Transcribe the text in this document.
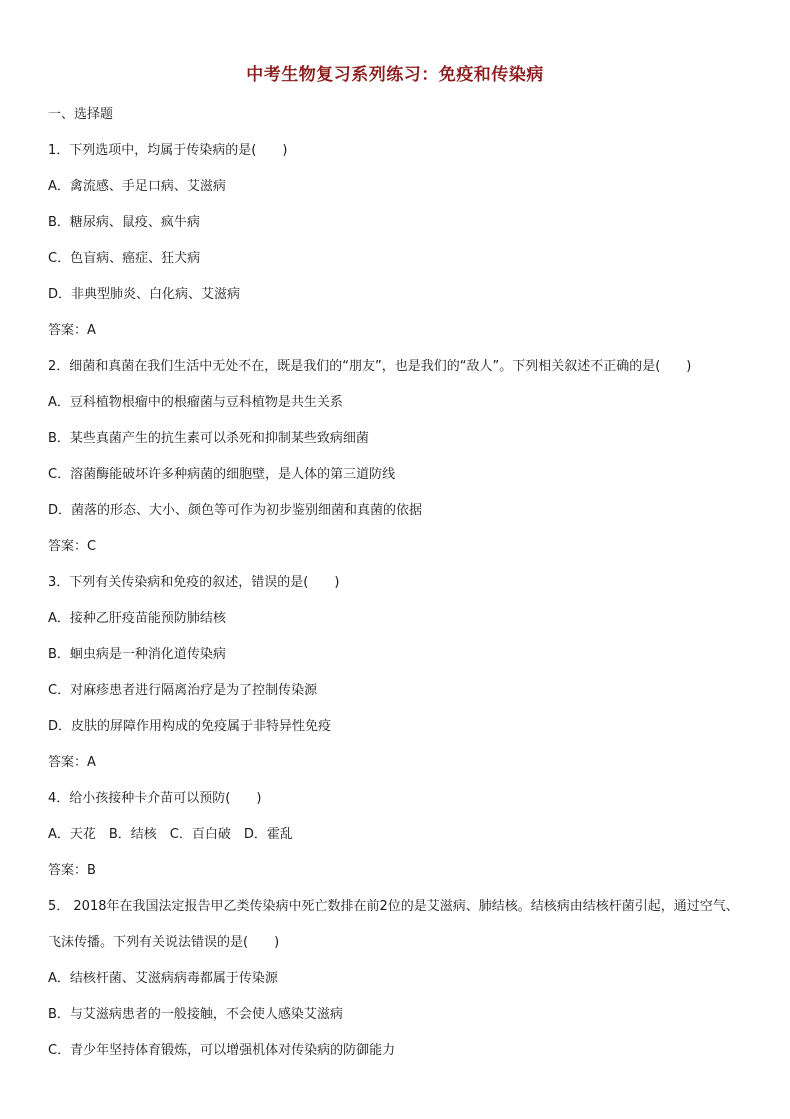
中考生物复习系列练习：免疫和传染病
一、选择题
1．下列选项中，均属于传染病的是(　　)
A．禽流感、手足口病、艾滋病
B．糖尿病、鼠疫、疯牛病
C．色盲病、癌症、狂犬病
D．非典型肺炎、白化病、艾滋病
答案：A
2．细菌和真菌在我们生活中无处不在，既是我们的“朋友”，也是我们的“敌人”。下列相关叙述不正确的是(　　)
A．豆科植物根瘤中的根瘤菌与豆科植物是共生关系
B．某些真菌产生的抗生素可以杀死和抑制某些致病细菌
C．溶菌酶能破坏许多种病菌的细胞壁，是人体的第三道防线
D．菌落的形态、大小、颜色等可作为初步鉴别细菌和真菌的依据
答案：C
3．下列有关传染病和免疫的叙述，错误的是(　　)
A．接种乙肝疫苗能预防肺结核
B．蛔虫病是一种消化道传染病
C．对麻疹患者进行隔离治疗是为了控制传染源
D．皮肤的屏障作用构成的免疫属于非特异性免疫
答案：A
4．给小孩接种卡介苗可以预防(　　)
A．天花　B．结核　C．百白破　D．霍乱
答案：B
5． 2018年在我国法定报告甲乙类传染病中死亡数排在前2位的是艾滋病、肺结核。结核病由结核杆菌引起，通过空气、飞沫传播。下列有关说法错误的是(　　)
A．结核杆菌、艾滋病病毒都属于传染源
B．与艾滋病患者的一般接触，不会使人感染艾滋病
C．青少年坚持体育锻炼，可以增强机体对传染病的防御能力
